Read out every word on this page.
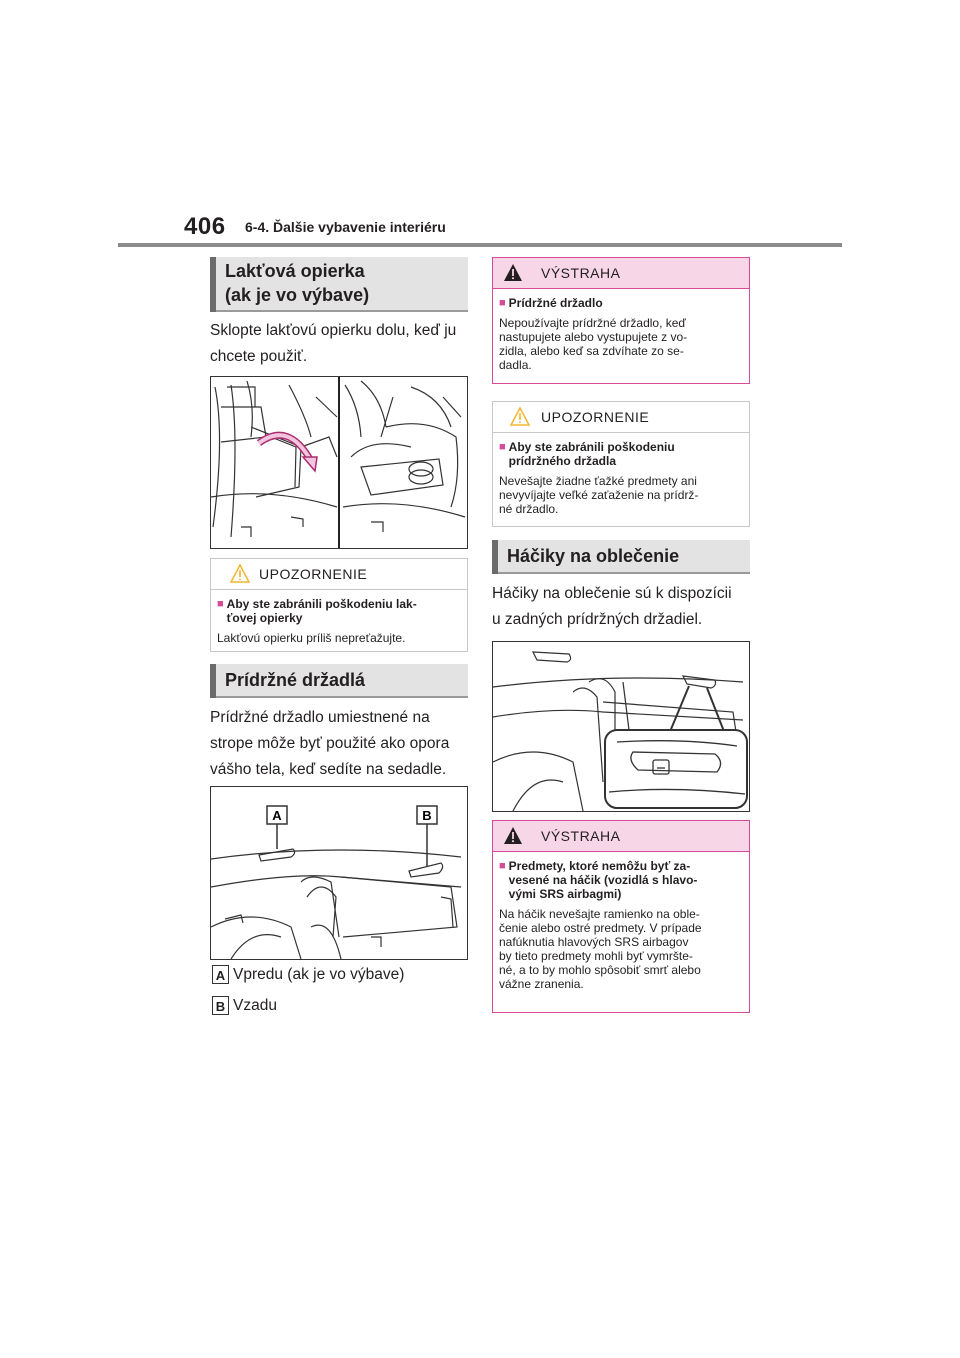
406 6-4. Ďalšie vybavenie interiéru
Lakťová opierka
(ak je vo výbave)
Sklopte lakťovú opierku dolu, keď ju
chcete použiť.
UPOZORNENIE
■ Aby ste zabránili poškodeniu lak-
ťovej opierky
Lakťovú opierku príliš nepreťažujte.
Prídržné držadlá
Prídržné držadlo umiestnené na
strope môže byť použité ako opora
vášho tela, keď sedíte na sedadle.
A	B
A Vpredu (ak je vo výbave)
B Vzadu
VÝSTRAHA
■ Prídržné držadlo
Nepoužívajte prídržné držadlo, keď
nastupujete alebo vystupujete z vo-
zidla, alebo keď sa zdvíhate zo se-
dadla.
UPOZORNENIE
■ Aby ste zabránili poškodeniu
prídržného držadla
Nevešajte žiadne ťažké predmety ani
nevyvíjajte veľké zaťaženie na prídrž-
né držadlo.
Háčiky na oblečenie
Háčiky na oblečenie sú k dispozícii
u zadných prídržných držadiel.
VÝSTRAHA
■ Predmety, ktoré nemôžu byť za-
vesené na háčik (vozidlá s hlavo-
vými SRS airbagmi)
Na háčik nevešajte ramienko na oble-
čenie alebo ostré predmety. V prípade
nafúknutia hlavových SRS airbagov
by tieto predmety mohli byť vymršte-
né, a to by mohlo spôsobiť smrť alebo
vážne zranenia.
